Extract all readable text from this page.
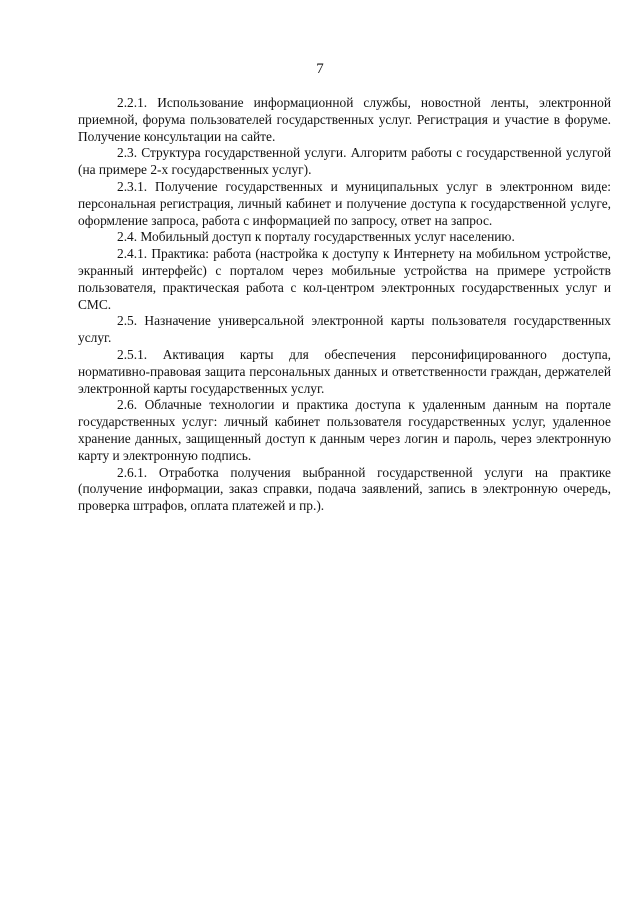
7

2.2.1. Использование информационной службы, новостной ленты, электронной приемной, форума пользователей государственных услуг. Регистрация и участие в форуме. Получение консультации на сайте.

2.3. Структура государственной услуги. Алгоритм работы с государственной услугой (на примере 2-х государственных услуг).

2.3.1. Получение государственных и муниципальных услуг в электронном виде: персональная регистрация, личный кабинет и получение доступа к государственной услуге, оформление запроса, работа с информацией по запросу, ответ на запрос.

2.4. Мобильный доступ к порталу государственных услуг населению.

2.4.1. Практика: работа (настройка к доступу к Интернету на мобильном устройстве, экранный интерфейс) с порталом через мобильные устройства на примере устройств пользователя, практическая работа с кол-центром электронных государственных услуг и СМС.

2.5. Назначение универсальной электронной карты пользователя государственных услуг.

2.5.1. Активация карты для обеспечения персонифицированного доступа, нормативно-правовая защита персональных данных и ответственности граждан, держателей электронной карты государственных услуг.

2.6. Облачные технологии и практика доступа к удаленным данным на портале государственных услуг: личный кабинет пользователя государственных услуг, удаленное хранение данных, защищенный доступ к данным через логин и пароль, через электронную карту и электронную подпись.

2.6.1. Отработка получения выбранной государственной услуги на практике (получение информации, заказ справки, подача заявлений, запись в электронную очередь, проверка штрафов, оплата платежей и пр.).
